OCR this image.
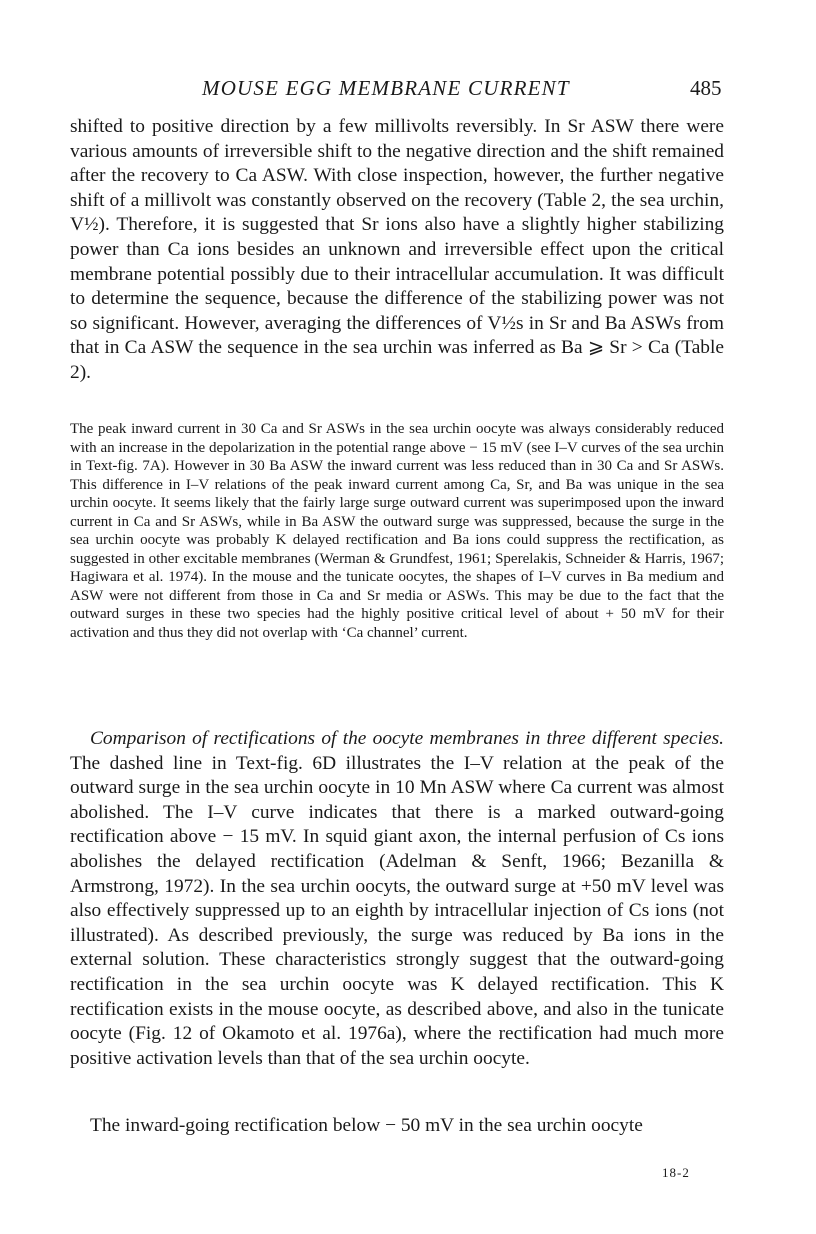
MOUSE EGG MEMBRANE CURRENT	485

shifted to positive direction by a few millivolts reversibly. In Sr ASW there were various amounts of irreversible shift to the negative direction and the shift remained after the recovery to Ca ASW. With close inspection, however, the further negative shift of a millivolt was constantly observed on the recovery (Table 2, the sea urchin, V½). Therefore, it is suggested that Sr ions also have a slightly higher stabilizing power than Ca ions besides an unknown and irreversible effect upon the critical membrane potential possibly due to their intracellular accumulation. It was difficult to determine the sequence, because the difference of the stabilizing power was not so significant. However, averaging the differences of V½s in Sr and Ba ASWs from that in Ca ASW the sequence in the sea urchin was inferred as Ba ⩾ Sr > Ca (Table 2).

The peak inward current in 30 Ca and Sr ASWs in the sea urchin oocyte was always considerably reduced with an increase in the depolarization in the potential range above − 15 mV (see I–V curves of the sea urchin in Text-fig. 7A). However in 30 Ba ASW the inward current was less reduced than in 30 Ca and Sr ASWs. This difference in I–V relations of the peak inward current among Ca, Sr, and Ba was unique in the sea urchin oocyte. It seems likely that the fairly large surge outward current was superimposed upon the inward current in Ca and Sr ASWs, while in Ba ASW the outward surge was suppressed, because the surge in the sea urchin oocyte was probably K delayed rectification and Ba ions could suppress the rectification, as suggested in other excitable membranes (Werman & Grundfest, 1961; Sperelakis, Schneider & Harris, 1967; Hagiwara et al. 1974). In the mouse and the tunicate oocytes, the shapes of I–V curves in Ba medium and ASW were not different from those in Ca and Sr media or ASWs. This may be due to the fact that the outward surges in these two species had the highly positive critical level of about + 50 mV for their activation and thus they did not overlap with ‘Ca channel’ current.

Comparison of rectifications of the oocyte membranes in three different species. The dashed line in Text-fig. 6D illustrates the I–V relation at the peak of the outward surge in the sea urchin oocyte in 10 Mn ASW where Ca current was almost abolished. The I–V curve indicates that there is a marked outward-going rectification above − 15 mV. In squid giant axon, the internal perfusion of Cs ions abolishes the delayed rectification (Adelman & Senft, 1966; Bezanilla & Armstrong, 1972). In the sea urchin oocyts, the outward surge at +50 mV level was also effectively suppressed up to an eighth by intracellular injection of Cs ions (not illustrated). As described previously, the surge was reduced by Ba ions in the external solution. These characteristics strongly suggest that the outward-going rectification in the sea urchin oocyte was K delayed rectification. This K rectification exists in the mouse oocyte, as described above, and also in the tunicate oocyte (Fig. 12 of Okamoto et al. 1976a), where the rectification had much more positive activation levels than that of the sea urchin oocyte.

The inward-going rectification below − 50 mV in the sea urchin oocyte

18-2
